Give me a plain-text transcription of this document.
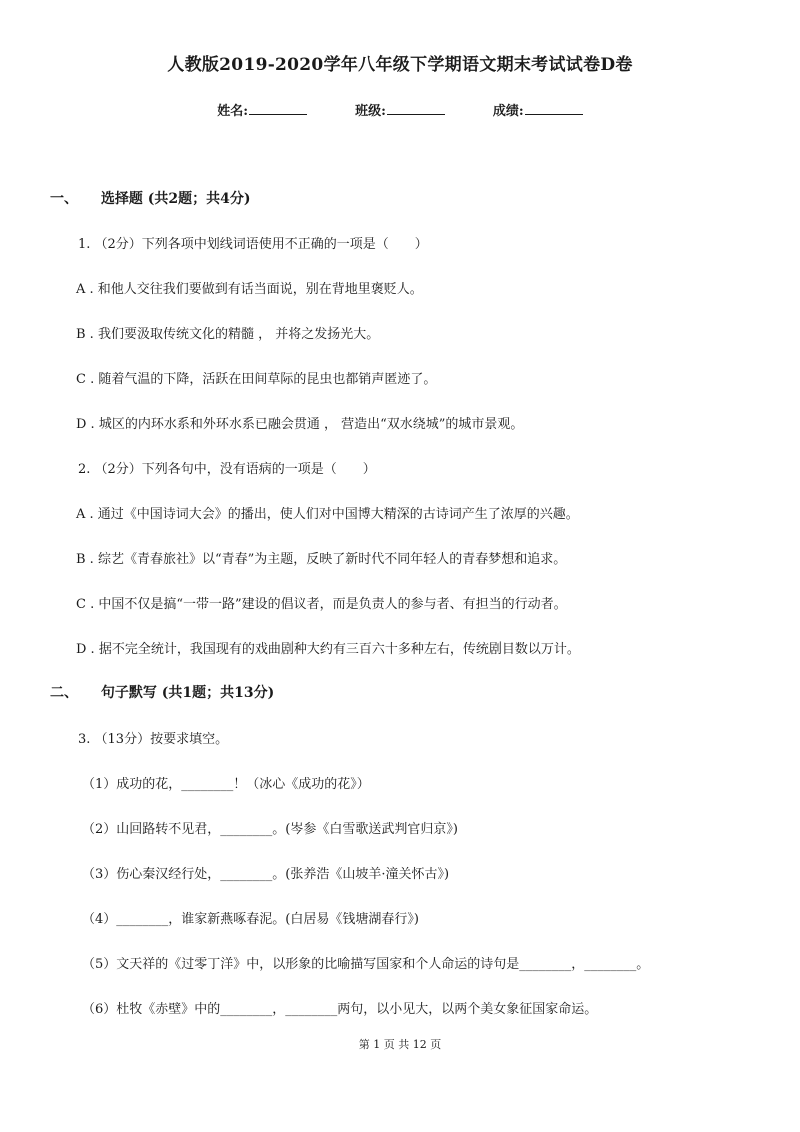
人教版2019-2020学年八年级下学期语文期末考试试卷D卷
姓名:	班级:	成绩:
一、 选择题 (共2题；共4分)
1. （2分）下列各项中划线词语使用不正确的一项是（　　）
A . 和他人交往我们要做到有话当面说，别在背地里褒贬人。
B . 我们要汲取传统文化的精髓 ， 并将之发扬光大。
C . 随着气温的下降，活跃在田间草际的昆虫也都销声匿迹了。
D . 城区的内环水系和外环水系已融会贯通 ， 营造出“双水绕城”的城市景观。
2. （2分）下列各句中，没有语病的一项是（　　）
A . 通过《中国诗词大会》的播出，使人们对中国博大精深的古诗词产生了浓厚的兴趣。
B . 综艺《青春旅社》以“青春”为主题，反映了新时代不同年轻人的青春梦想和追求。
C . 中国不仅是搞“一带一路”建设的倡议者，而是负责人的参与者、有担当的行动者。
D . 据不完全统计，我国现有的戏曲剧种大约有三百六十多种左右，传统剧目数以万计。
二、 句子默写 (共1题；共13分)
3. （13分）按要求填空。
（1）成功的花，________！（冰心《成功的花》）
（2）山回路转不见君，________。(岑参《白雪歌送武判官归京》)
（3）伤心秦汉经行处，________。(张养浩《山坡羊·潼关怀古》)
（4）________，谁家新燕啄春泥。(白居易《钱塘湖春行》)
（5）文天祥的《过零丁洋》中，以形象的比喻描写国家和个人命运的诗句是________，________。
（6）杜牧《赤壁》中的________，________两句，以小见大，以两个美女象征国家命运。
第 1 页 共 12 页
